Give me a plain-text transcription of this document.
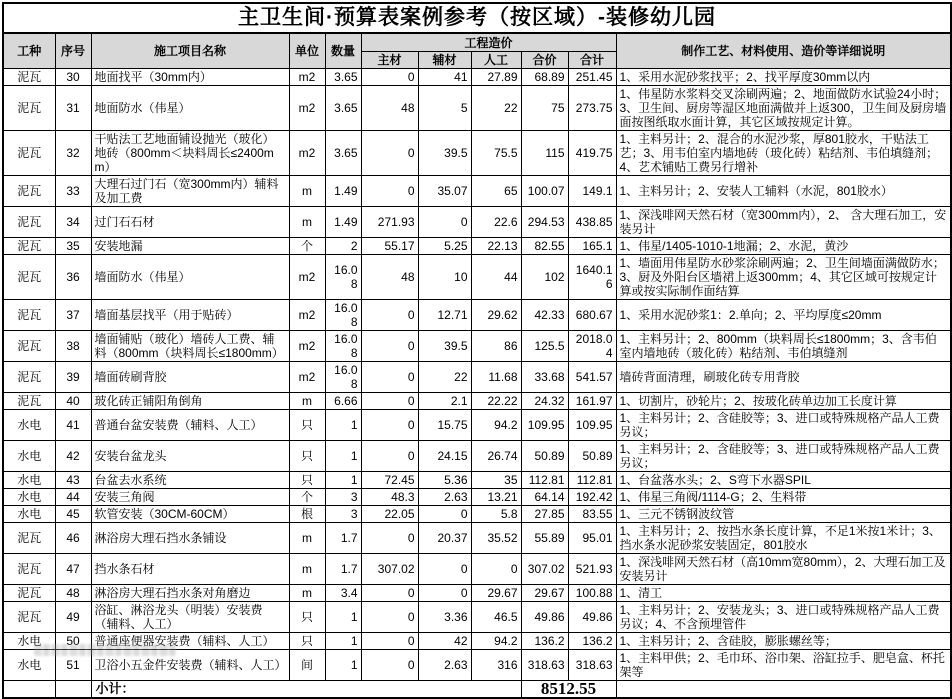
主卫生间·预算表案例参考（按区域）-装修幼儿园										
工种	序号	施工项目名称	单位	数量	工程造价					制作工艺、材料使用、造价等详细说明
					主材	辅材	人工	合价	合计	
泥瓦	30	地面找平（30mm内）	m2	3.65	0	41	27.89	68.89	251.45	1、采用水泥砂浆找平；2、找平厚度30mm以内
泥瓦	31	地面防水（伟星）	m2	3.65	48	5	22	75	273.75	1、伟星防水浆料交叉涂刷两遍；2、地面做防水试验24小时；3、卫生间、厨房等湿区地面满做并上返300，卫生间及厨房墙面按图纸取水面计算，其它区域按规定计算。
泥瓦	32	干贴法工艺地面铺设抛光（玻化）地砖（800mm＜块料周长≤2400mm）	m2	3.65	0	39.5	75.5	115	419.75	1、主料另计；2、混合的水泥沙浆，厚801胶水，干贴法工艺；3、用韦伯室内墙地砖（玻化砖）粘结剂、韦伯填缝剂；4、艺术铺贴工费另行增补
泥瓦	33	大理石过门石（宽300mm内）辅料及加工费	m	1.49	0	35.07	65	100.07	149.1	1、主料另计；2、安装人工辅料（水泥，801胶水）
泥瓦	34	过门石石材	m	1.49	271.93	0	22.6	294.53	438.85	1、深浅啡网天然石材（宽300mm内），2、 含大理石加工，安装另计
泥瓦	35	安装地漏	个	2	55.17	5.25	22.13	82.55	165.1	1、伟星/1405-1010-1地漏；2、水泥，黄沙
泥瓦	36	墙面防水（伟星）	m2	16.08	48	10	44	102	1640.16	1、墙面用伟星防水砂浆涂刷两遍；2、卫生间墙面满做防水；3、厨及外阳台区墙裙上返300mm；4、其它区域可按规定计算或按实际制作面结算
泥瓦	37	墙面基层找平（用于贴砖）	m2	16.08	0	12.71	29.62	42.33	680.67	1、采用水泥砂浆1：2.单向；2、平均厚度≤20mm
泥瓦	38	墙面铺贴（玻化）墙砖人工费、辅料（800mm（块料周长≤1800mm）	m2	16.08	0	39.5	86	125.5	2018.04	1、主料另计；2、800mm（块料周长≤1800mm；3、含韦伯室内墙地砖（玻化砖）粘结剂、韦伯填缝剂
泥瓦	39	墙面砖刷背胶	m2	16.08	0	22	11.68	33.68	541.57	墙砖背面清理，刷玻化砖专用背胶
泥瓦	40	玻化砖正铺阳角倒角	m	6.66	0	2.1	22.22	24.32	161.97	1、切割片，砂轮片；2、按玻化砖单边加工长度计算
水电	41	普通台盆安装费（辅料、人工）	只	1	0	15.75	94.2	109.95	109.95	1、主料另计；2、含硅胶等；3、进口或特殊规格产品人工费另议；
水电	42	安装台盆龙头	只	1	0	24.15	26.74	50.89	50.89	1、主料另计；2、含硅胶等；3、进口或特殊规格产品人工费另议；
水电	43	台盆去水系统	只	1	72.45	5.36	35	112.81	112.81	1、台盆落水头；2、S弯下水器SPIL
水电	44	安装三角阀	个	3	48.3	2.63	13.21	64.14	192.42	1、伟星三角阀/1114-G；2、生料带
水电	45	软管安装（30CM-60CM）	根	3	22.05	0	5.8	27.85	83.55	1、三元不锈钢波纹管
泥瓦	46	淋浴房大理石挡水条铺设	m	1.7	0	20.37	35.52	55.89	95.01	1、主料另计；2、按挡水条长度计算，不足1米按1米计；3、挡水条水泥砂浆安装固定，801胶水
泥瓦	47	挡水条石材	m	1.7	307.02	0	0	307.02	521.93	1、深浅啡网天然石材（高10mm宽80mm），2、大理石加工及安装另计
泥瓦	48	淋浴房大理石挡水条对角磨边	m	3.4	0	0	29.67	29.67	100.88	1、清工
泥瓦	49	浴缸、淋浴龙头（明装）安装费（辅料、人工）	只	1	0	3.36	46.5	49.86	49.86	1、主料另计；2、安装龙头；3、进口或特殊规格产品人工费另议；4、不含预埋管件
水电	50	普通座便器安装费（辅料、人工）	只	1	0	42	94.2	136.2	136.2	1、主料另计；2、含硅胶，膨胀螺丝等；
水电	51	卫浴小五金件安装费（辅料、人工）	间	1	0	2.63	316	318.63	318.63	1、主料甲供；2、毛巾环、浴巾架、浴缸拉手、肥皂盒、杯托架等
		小计：						8512.55		
